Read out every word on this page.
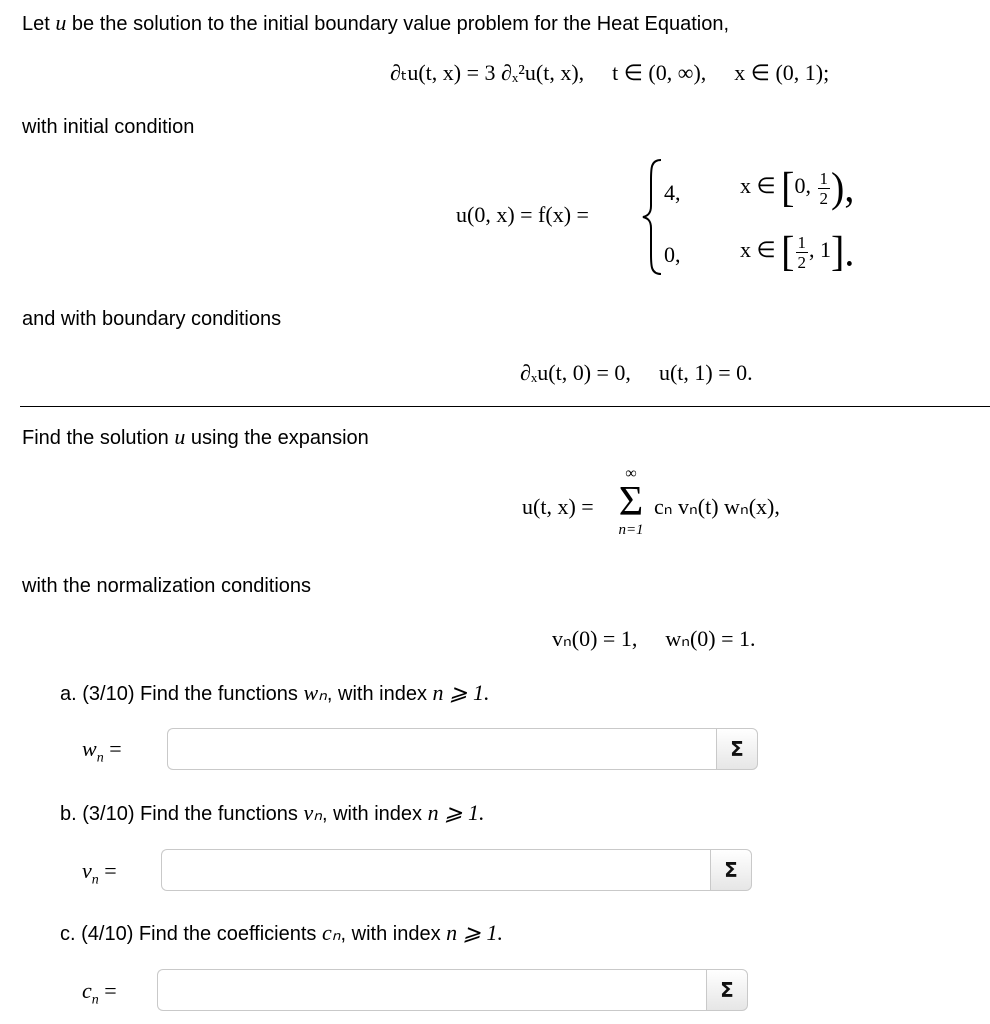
Let u be the solution to the initial boundary value problem for the Heat Equation,
∂ₜu(t, x) = 3 ∂ₓ²u(t, x), t ∈ (0, ∞), x ∈ (0, 1);
with initial condition
u(0, x) = f(x) =
4,	x ∈ [0, $\frac{1}{2}$ ),
0,	x ∈ [ $\frac{1}{2}$ , 1].
and with boundary conditions
∂ₓu(t, 0) = 0, u(t, 1) = 0.
Find the solution u using the expansion
u(t, x) =
∞
Σ
n=1
cₙ vₙ(t) wₙ(x),
with the normalization conditions
vₙ(0) = 1, wₙ(0) = 1.
a. (3/10) Find the functions wₙ, with index n ⩾ 1.
$w_n$ =	Σ
b. (3/10) Find the functions vₙ, with index n ⩾ 1.
$v_n$ =	Σ
c. (4/10) Find the coefficients cₙ, with index n ⩾ 1.
$c_n$ =	Σ
